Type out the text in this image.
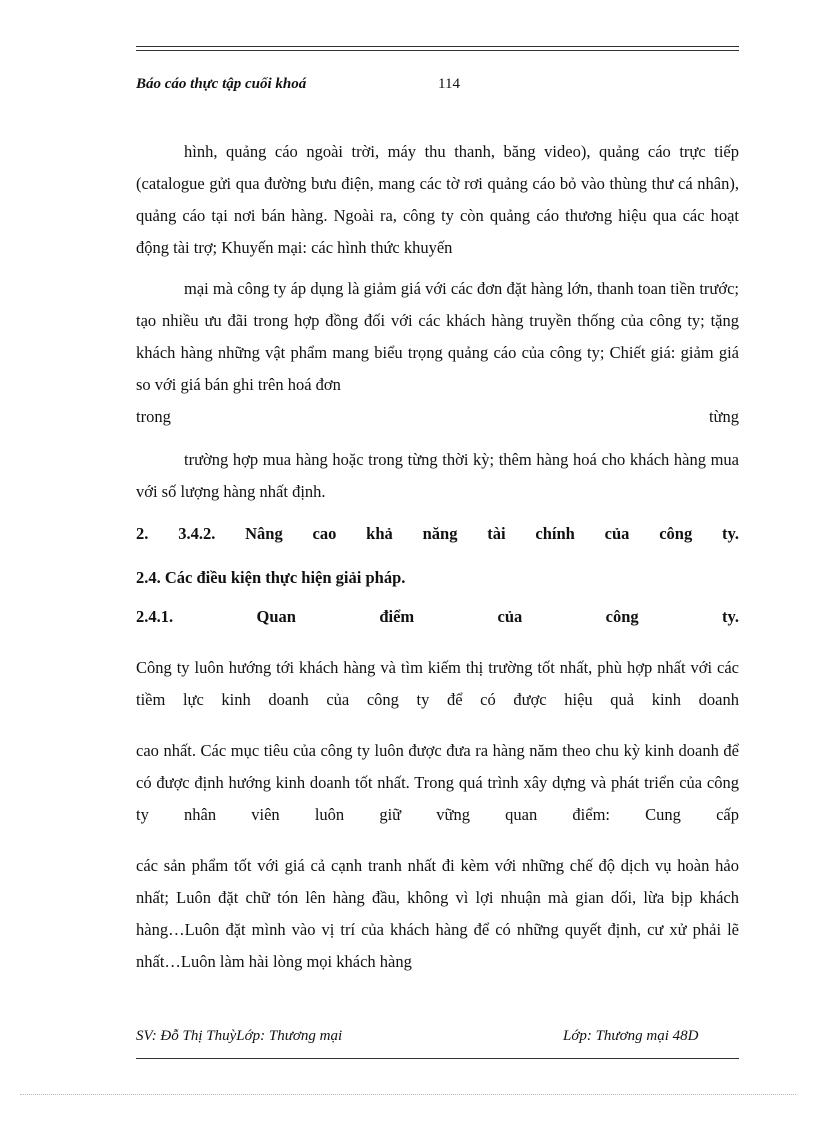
Báo cáo thực tập cuối khoá	114

hình, quảng cáo ngoài trời, máy thu thanh, băng video), quảng cáo trực tiếp (catalogue gửi qua đường bưu điện, mang các tờ rơi quảng cáo bỏ vào thùng thư cá nhân), quảng cáo tại nơi bán hàng. Ngoài ra, công ty còn quảng cáo thương hiệu qua các hoạt động tài trợ; Khuyến mại: các hình thức khuyến

mại mà công ty áp dụng là giảm giá với các đơn đặt hàng lớn, thanh toan tiền trước; tạo nhiều ưu đãi trong hợp đồng đối với các khách hàng truyền thống của công ty; tặng khách hàng những vật phẩm mang biểu trọng quảng cáo của công ty; Chiết giá: giảm giá so với giá bán ghi trên hoá đơn

trong	từng

trường hợp mua hàng hoặc trong từng thời kỳ; thêm hàng hoá cho khách hàng mua với số lượng hàng nhất định.

2. 3.4.2. Nâng cao khả năng tài chính của công ty.

2.4. Các điều kiện thực hiện giải pháp.

2.4.1. Quan điểm của công ty.

Công ty luôn hướng tới khách hàng và tìm kiếm thị trường tốt nhất, phù hợp nhất với các tiềm lực kinh doanh của công ty để có được hiệu quả kinh doanh

cao nhất. Các mục tiêu của công ty luôn được đưa ra hàng năm theo chu kỳ kinh doanh để có được định hướng kinh doanh tốt nhất. Trong quá trình xây dựng và phát triển của công ty nhân viên luôn giữ vững quan điểm: Cung cấp

các sản phẩm tốt với giá cả cạnh tranh nhất đi kèm với những chế độ dịch vụ hoàn hảo nhất; Luôn đặt chữ tón lên hàng đầu, không vì lợi nhuận mà gian dối, lừa bịp khách hàng…Luôn đặt mình vào vị trí của khách hàng để có những quyết định, cư xử phải lẽ nhất…Luôn làm hài lòng mọi khách hàng

SV: Đỗ Thị ThuỳLớp: Thương mại	Lớp: Thương mại 48D
